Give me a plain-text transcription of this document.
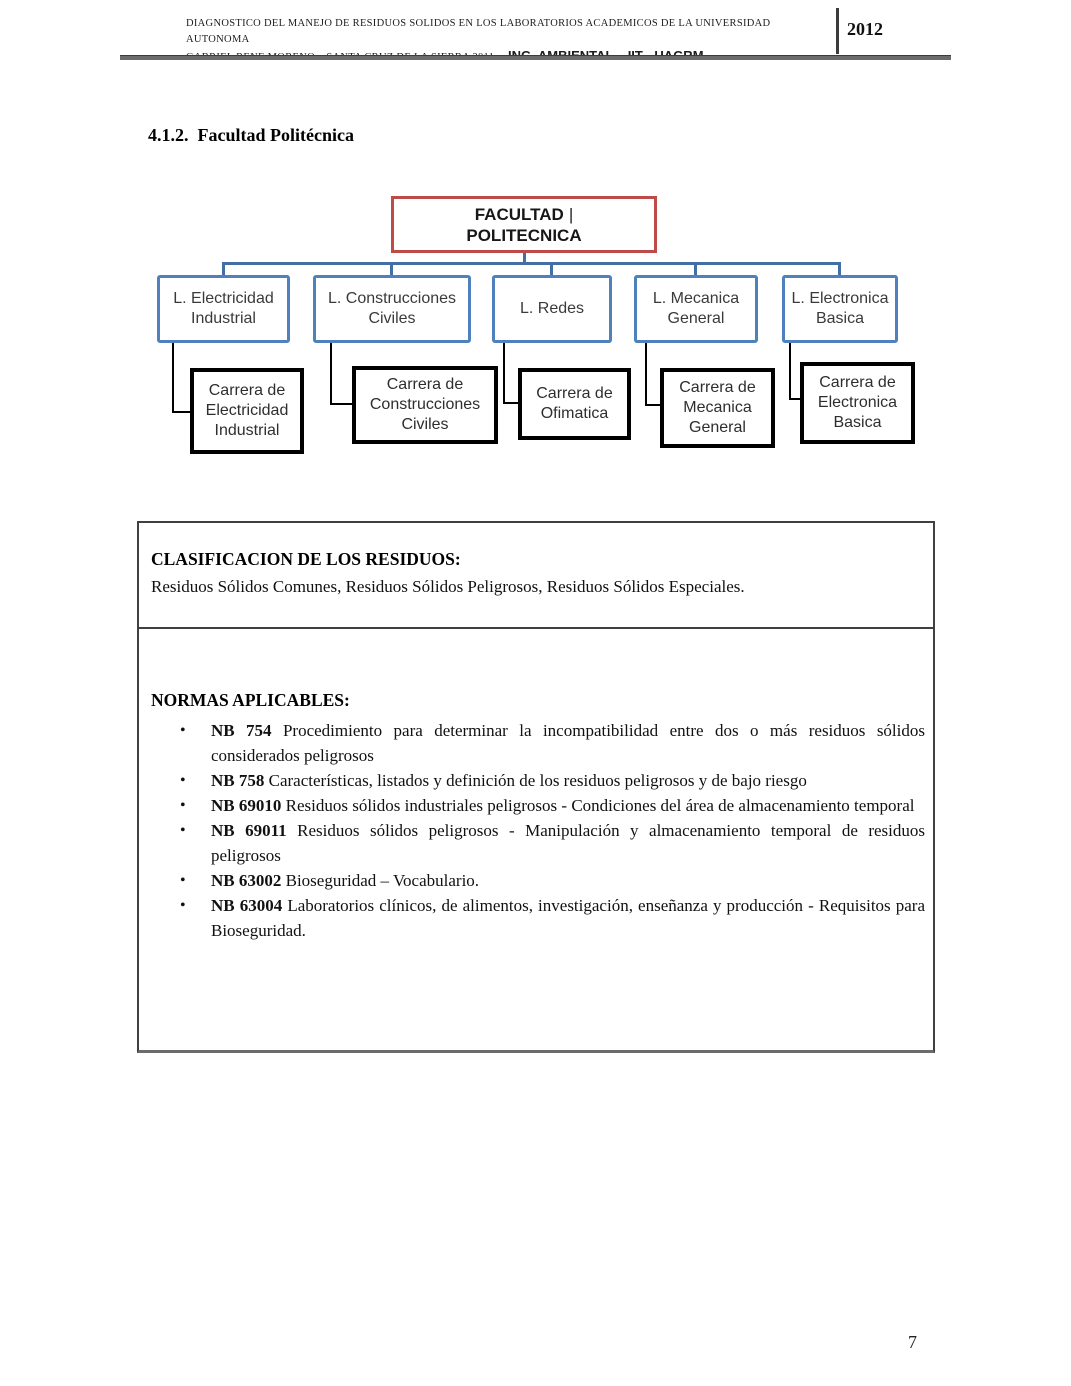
DIAGNOSTICO DEL MANEJO DE RESIDUOS SOLIDOS EN LOS LABORATORIOS ACADEMICOS DE LA UNIVERSIDAD AUTONOMA
2012
4.1.2. Facultad Politécnica
FACULTAD |
POLITECNICA
L. Electricidad Industrial
L. Construcciones Civiles
L. Redes
L. Mecanica General
L. Electronica Basica
Carrera de Electricidad Industrial
Carrera de Construcciones Civiles
Carrera de Ofimatica
Carrera de Mecanica General
Carrera de Electronica Basica
CLASIFICACION DE LOS RESIDUOS:
Residuos Sólidos Comunes, Residuos Sólidos Peligrosos, Residuos Sólidos Especiales.
NORMAS APLICABLES:
• NB 754 Procedimiento para determinar la incompatibilidad entre dos o más residuos sólidos considerados peligrosos
• NB 758 Características, listados y definición de los residuos peligrosos y de bajo riesgo
• NB 69010 Residuos sólidos industriales peligrosos - Condiciones del área de almacenamiento temporal
• NB 69011 Residuos sólidos peligrosos - Manipulación y almacenamiento temporal de residuos peligrosos
• NB 63002 Bioseguridad – Vocabulario.
• NB 63004 Laboratorios clínicos, de alimentos, investigación, enseñanza y producción - Requisitos para Bioseguridad.
7
